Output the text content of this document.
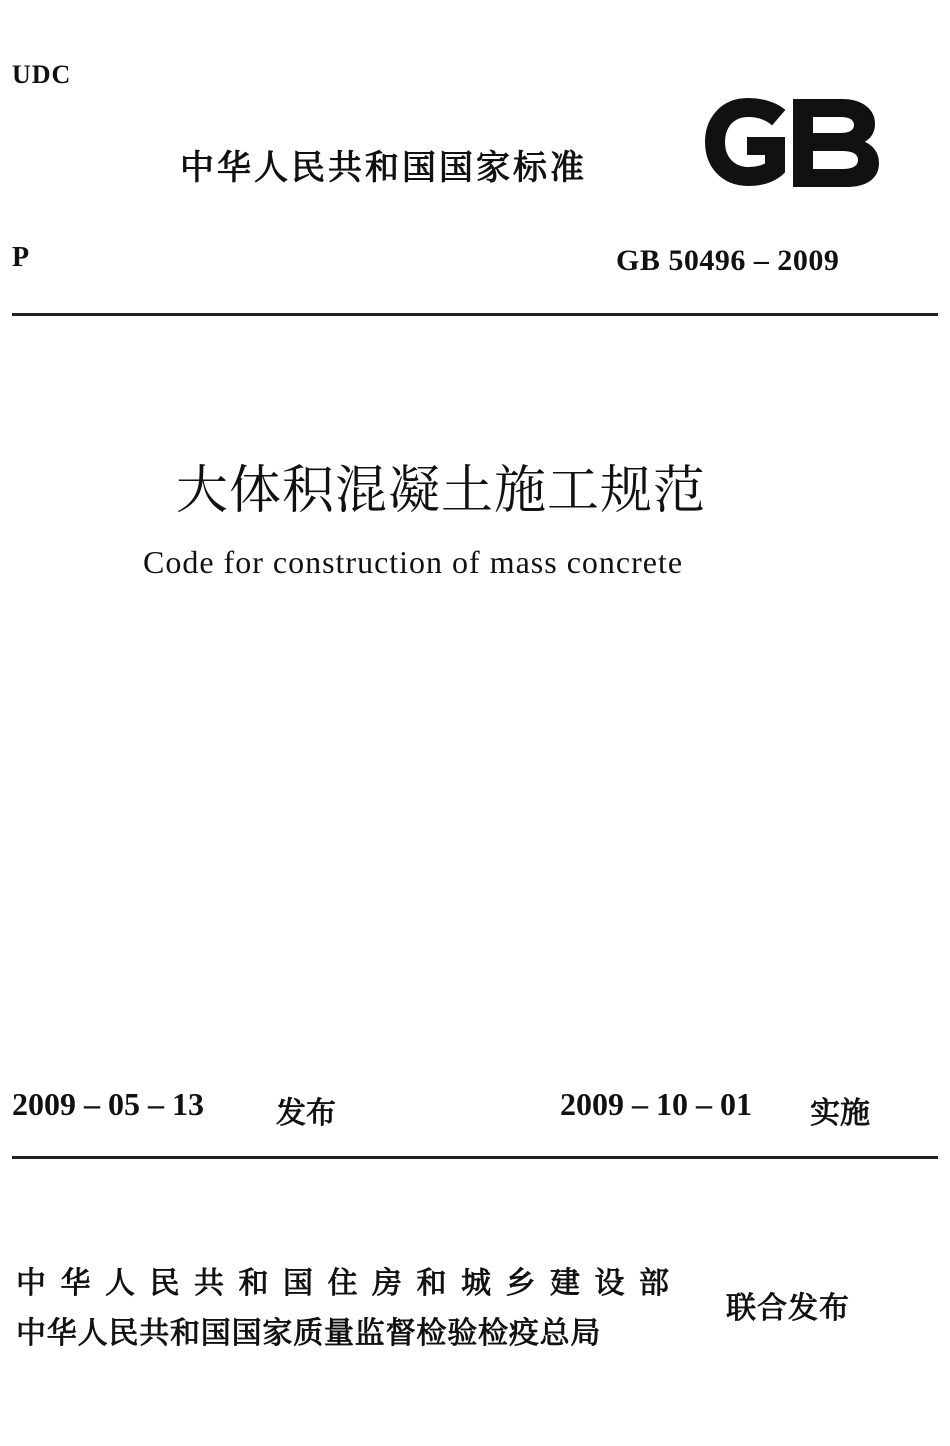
UDC
中华人民共和国国家标准
P	GB 50496 – 2009
大体积混凝土施工规范
Code for construction of mass concrete
2009 – 05 – 13 发布	2009 – 10 – 01 实施
中华人民共和国住房和城乡建设部
中华人民共和国国家质量监督检验检疫总局
联合发布
